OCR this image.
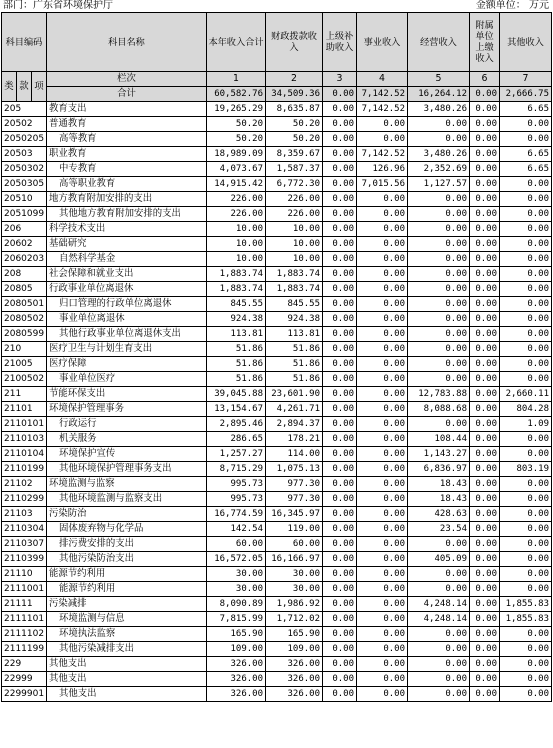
部门：广东省环境保护厅	金额单位： 万元
科目编码			科目名称	本年收入合计	财政拨款收入	上级补助收入	事业收入	经营收入	附属单位上缴收入	其他收入
类	款	项	栏次	1	2	3	4	5	6	7
			合计	60,582.76	34,509.36	0.00	7,142.52	16,264.12	0.00	2,666.75
205			教育支出	19,265.29	8,635.87	0.00	7,142.52	3,480.26	0.00	6.65
20502			普通教育	50.20	50.20	0.00	0.00	0.00	0.00	0.00
2050205			高等教育	50.20	50.20	0.00	0.00	0.00	0.00	0.00
20503			职业教育	18,989.09	8,359.67	0.00	7,142.52	3,480.26	0.00	6.65
2050302			中专教育	4,073.67	1,587.37	0.00	126.96	2,352.69	0.00	6.65
2050305			高等职业教育	14,915.42	6,772.30	0.00	7,015.56	1,127.57	0.00	0.00
20510			地方教育附加安排的支出	226.00	226.00	0.00	0.00	0.00	0.00	0.00
2051099			其他地方教育附加安排的支出	226.00	226.00	0.00	0.00	0.00	0.00	0.00
206			科学技术支出	10.00	10.00	0.00	0.00	0.00	0.00	0.00
20602			基础研究	10.00	10.00	0.00	0.00	0.00	0.00	0.00
2060203			自然科学基金	10.00	10.00	0.00	0.00	0.00	0.00	0.00
208			社会保障和就业支出	1,883.74	1,883.74	0.00	0.00	0.00	0.00	0.00
20805			行政事业单位离退休	1,883.74	1,883.74	0.00	0.00	0.00	0.00	0.00
2080501			归口管理的行政单位离退休	845.55	845.55	0.00	0.00	0.00	0.00	0.00
2080502			事业单位离退休	924.38	924.38	0.00	0.00	0.00	0.00	0.00
2080599			其他行政事业单位离退休支出	113.81	113.81	0.00	0.00	0.00	0.00	0.00
210			医疗卫生与计划生育支出	51.86	51.86	0.00	0.00	0.00	0.00	0.00
21005			医疗保障	51.86	51.86	0.00	0.00	0.00	0.00	0.00
2100502			事业单位医疗	51.86	51.86	0.00	0.00	0.00	0.00	0.00
211			节能环保支出	39,045.88	23,601.90	0.00	0.00	12,783.88	0.00	2,660.11
21101			环境保护管理事务	13,154.67	4,261.71	0.00	0.00	8,088.68	0.00	804.28
2110101			行政运行	2,895.46	2,894.37	0.00	0.00	0.00	0.00	1.09
2110103			机关服务	286.65	178.21	0.00	0.00	108.44	0.00	0.00
2110104			环境保护宣传	1,257.27	114.00	0.00	0.00	1,143.27	0.00	0.00
2110199			其他环境保护管理事务支出	8,715.29	1,075.13	0.00	0.00	6,836.97	0.00	803.19
21102			环境监测与监察	995.73	977.30	0.00	0.00	18.43	0.00	0.00
2110299			其他环境监测与监察支出	995.73	977.30	0.00	0.00	18.43	0.00	0.00
21103			污染防治	16,774.59	16,345.97	0.00	0.00	428.63	0.00	0.00
2110304			固体废弃物与化学品	142.54	119.00	0.00	0.00	23.54	0.00	0.00
2110307			排污费安排的支出	60.00	60.00	0.00	0.00	0.00	0.00	0.00
2110399			其他污染防治支出	16,572.05	16,166.97	0.00	0.00	405.09	0.00	0.00
21110			能源节约利用	30.00	30.00	0.00	0.00	0.00	0.00	0.00
2111001			能源节约利用	30.00	30.00	0.00	0.00	0.00	0.00	0.00
21111			污染减排	8,090.89	1,986.92	0.00	0.00	4,248.14	0.00	1,855.83
2111101			环境监测与信息	7,815.99	1,712.02	0.00	0.00	4,248.14	0.00	1,855.83
2111102			环境执法监察	165.90	165.90	0.00	0.00	0.00	0.00	0.00
2111199			其他污染减排支出	109.00	109.00	0.00	0.00	0.00	0.00	0.00
229			其他支出	326.00	326.00	0.00	0.00	0.00	0.00	0.00
22999			其他支出	326.00	326.00	0.00	0.00	0.00	0.00	0.00
2299901			其他支出	326.00	326.00	0.00	0.00	0.00	0.00	0.00
